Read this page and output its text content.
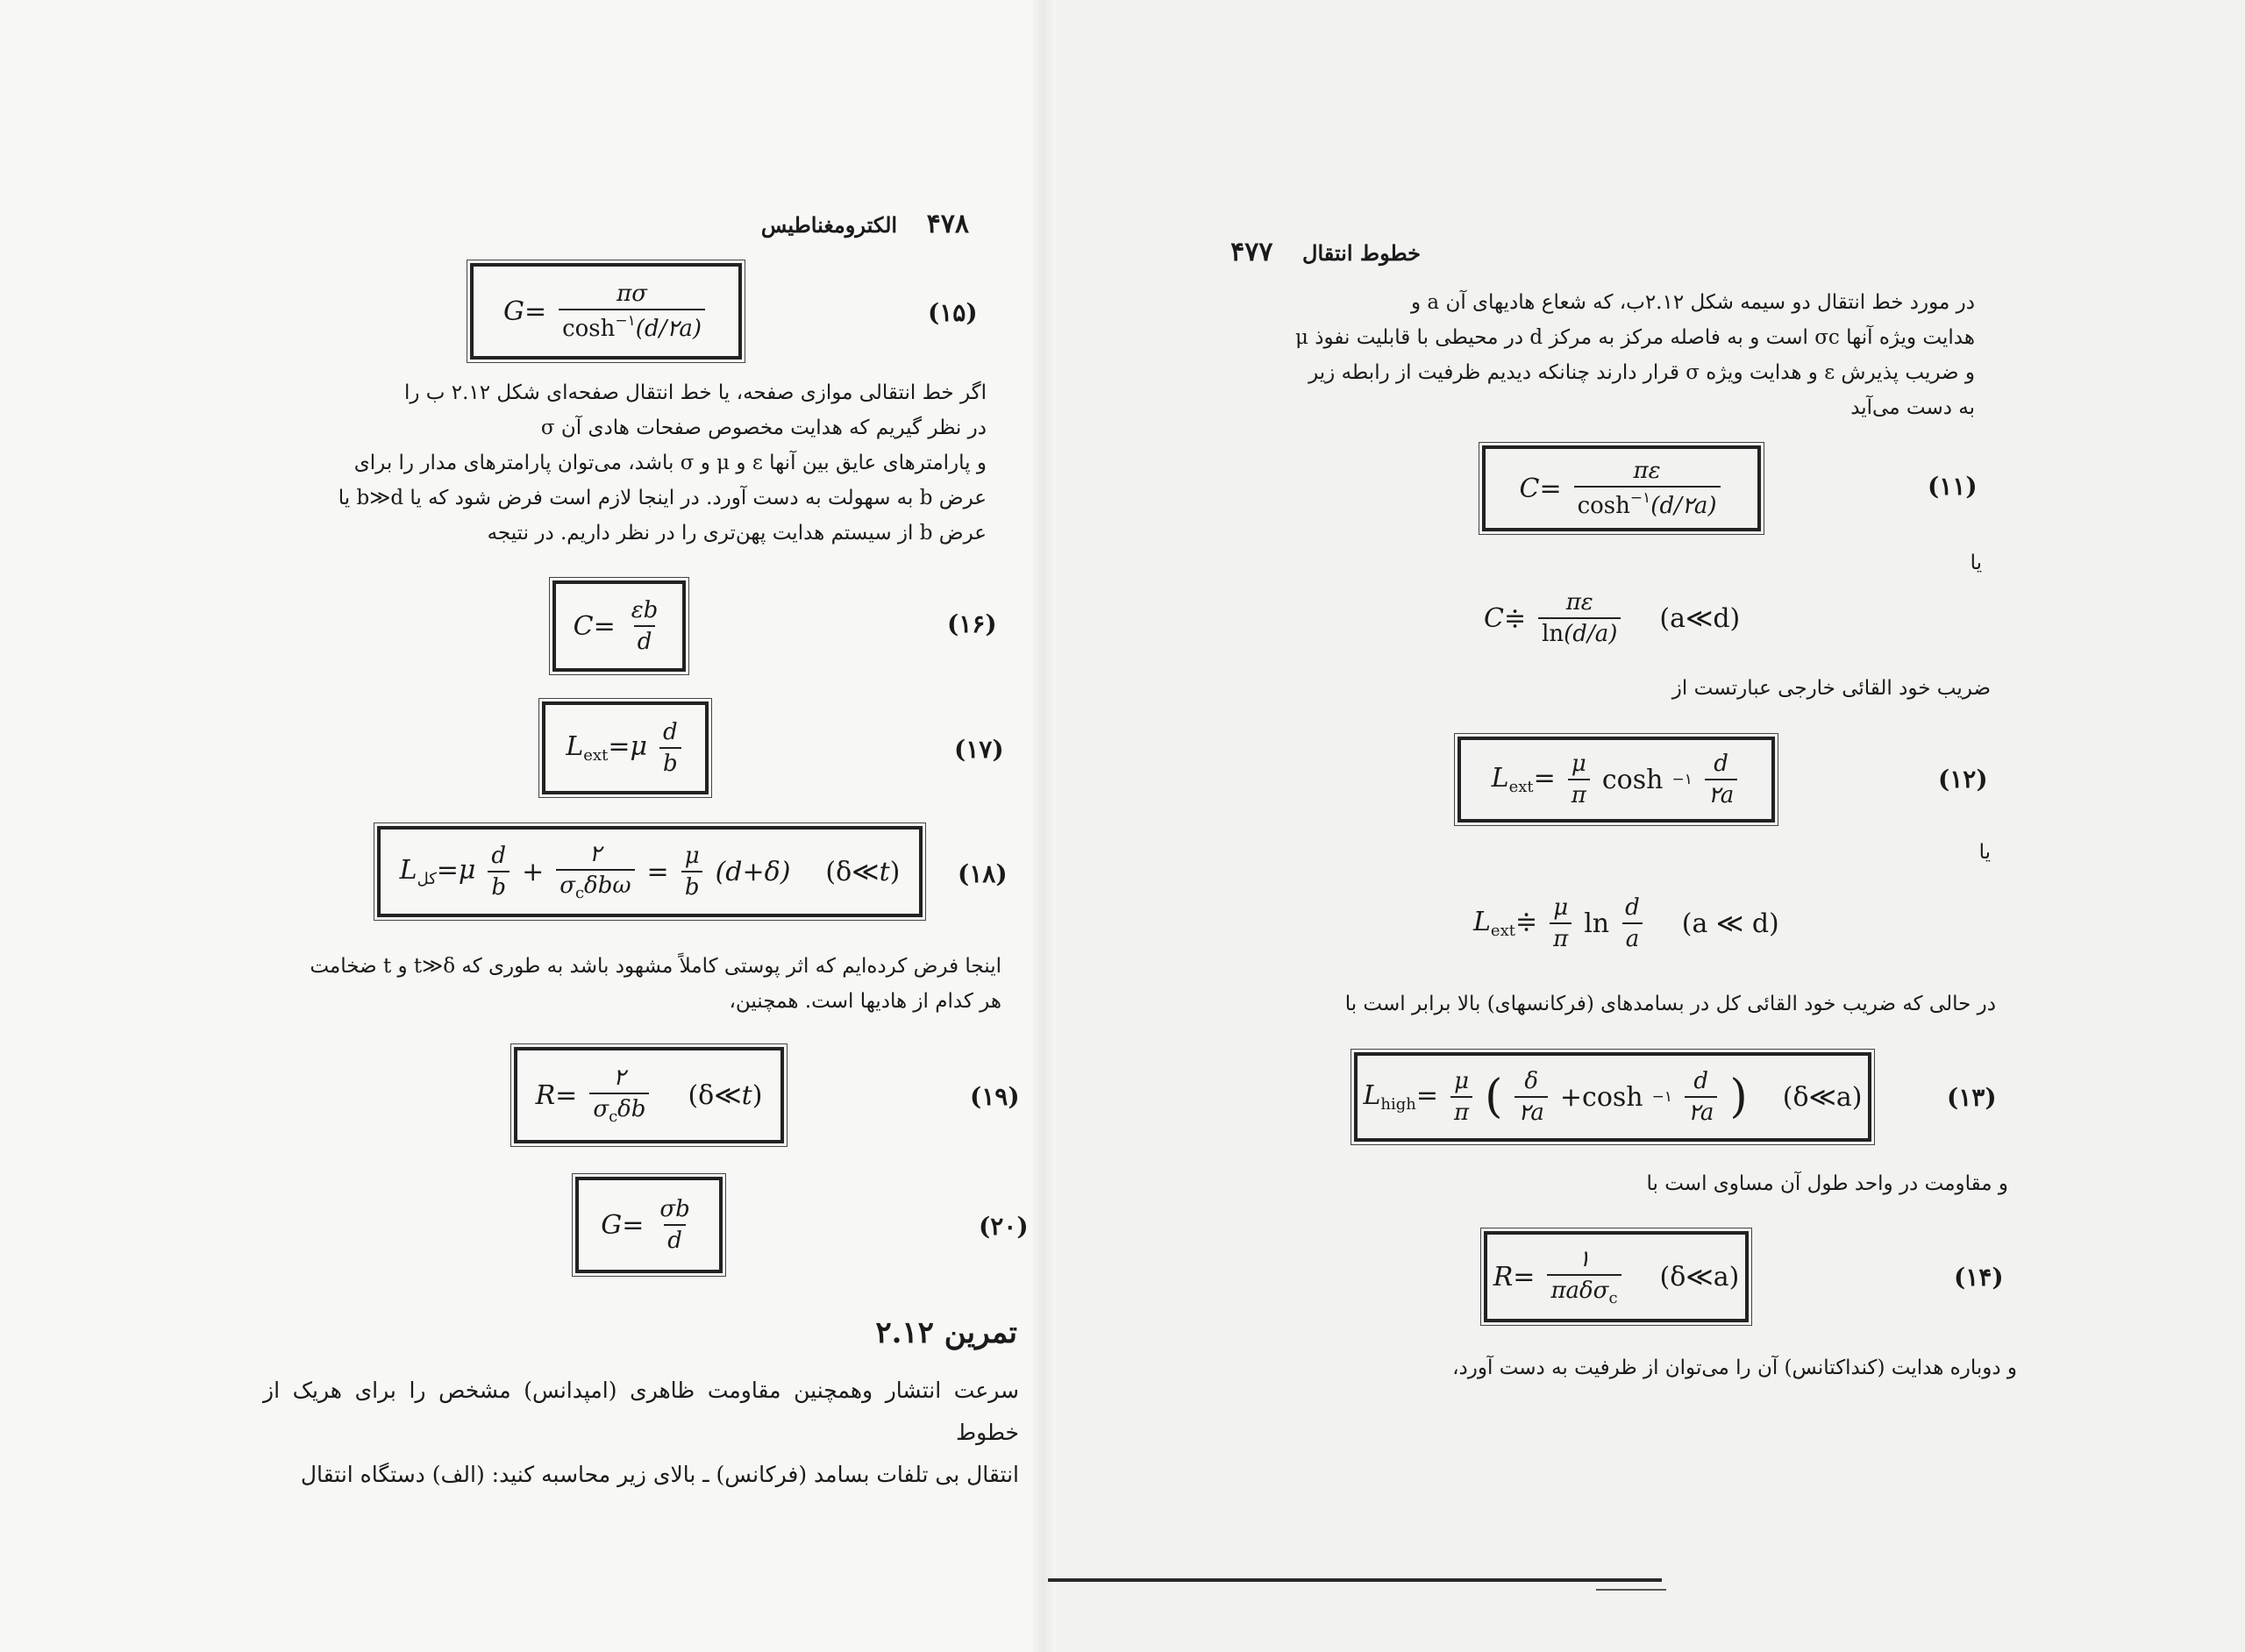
۴۷۸ الکترومغناطیس
$G= \frac{\pi\sigma}{\cosh^{-۱}(d/۲a)}$	(۱۵)

اگر خط انتقالی موازی صفحه، یا خط انتقال صفحه‌ای شکل ۲.۱۲ ب را

در نظر گیریم که هدایت مخصوص صفحات هادی آن σ

و پارامترهای عایق بین آنها ε و μ و σ باشد، می‌توان پارامترهای مدار را برای

عرض b به سهولت به دست آورد. در اینجا لازم است فرض شود که یا b≫d یا

عرض b از سیستم هدایت پهن‌تری را در نظر داریم. در نتیجه

$C= \frac{\varepsilon b}{d}$	(۱۶)
$L_{ext}=\mu \frac{d}{b}$	(۱۷)
$L_{کل}=\mu \frac{d}{b} + \frac{۲}{\sigma_c\delta b\omega} = \frac{\mu}{b} (d+\delta)$ (δ≪t) (۱۸)

اینجا فرض کرده‌ایم که اثر پوستی کاملاً مشهود باشد به طوری که t≫δ و t ضخامت

هر کدام از هادیها است. همچنین،

$R= \frac{۲}{\sigma_c\delta b}$ (δ≪t)	(۱۹)
$G= \frac{\sigma b}{d}$	(۲۰)
تمرین ۲.۱۲

سرعت انتشار وهمچنین مقاومت ظاهری (امپدانس) مشخص را برای هریک از خطوط

انتقال بی تلفات بسامد (فرکانس) ـ بالای زیر محاسبه کنید: (الف) دستگاه انتقال

خطوط انتقال ۴۷۷

در مورد خط انتقال دو سیمه شکل ۲.۱۲ب، که شعاع هادیهای آن a و

هدایت ویژه آنها σc است و به فاصله مرکز به مرکز d در محیطی با قابلیت نفوذ μ

و ضریب پذیرش ε و هدایت ویژه σ قرار دارند چنانکه دیدیم ظرفیت از رابطه زیر

به دست می‌آید

$C= \frac{\pi\varepsilon}{\cosh^{-۱}(d/۲a)}$	(۱۱)
یا
C≑ $\frac{\pi\varepsilon}{\ln(d/a)}$ (a≪d)
ضریب خود القائی خارجی عبارتست از
$L_{ext}= \frac{\mu}{\pi}$ cosh −۱ $\frac{d}{۲a}$	(۱۲)
یا
$L_{ext}≑ \frac{\mu}{\pi}$ $\ln \frac{d}{a} (a$ ≪ d)
در حالی که ضریب خود القائی کل در بسامدهای (فرکانسهای) بالا برابر است با
$L_{high}= \frac{\mu}{\pi}$ ( $\frac{\delta}{۲a} +\cosh$ −۱ $\frac{d}{۲a}$ ) (δ≪a)	(۱۳)
و مقاومت در واحد طول آن مساوی است با
$R= \frac{۱}{\pi a\delta\sigma_c}$ (δ≪a)	(۱۴)
و دوباره هدایت (کنداکتانس) آن را می‌توان از ظرفیت به دست آورد،
